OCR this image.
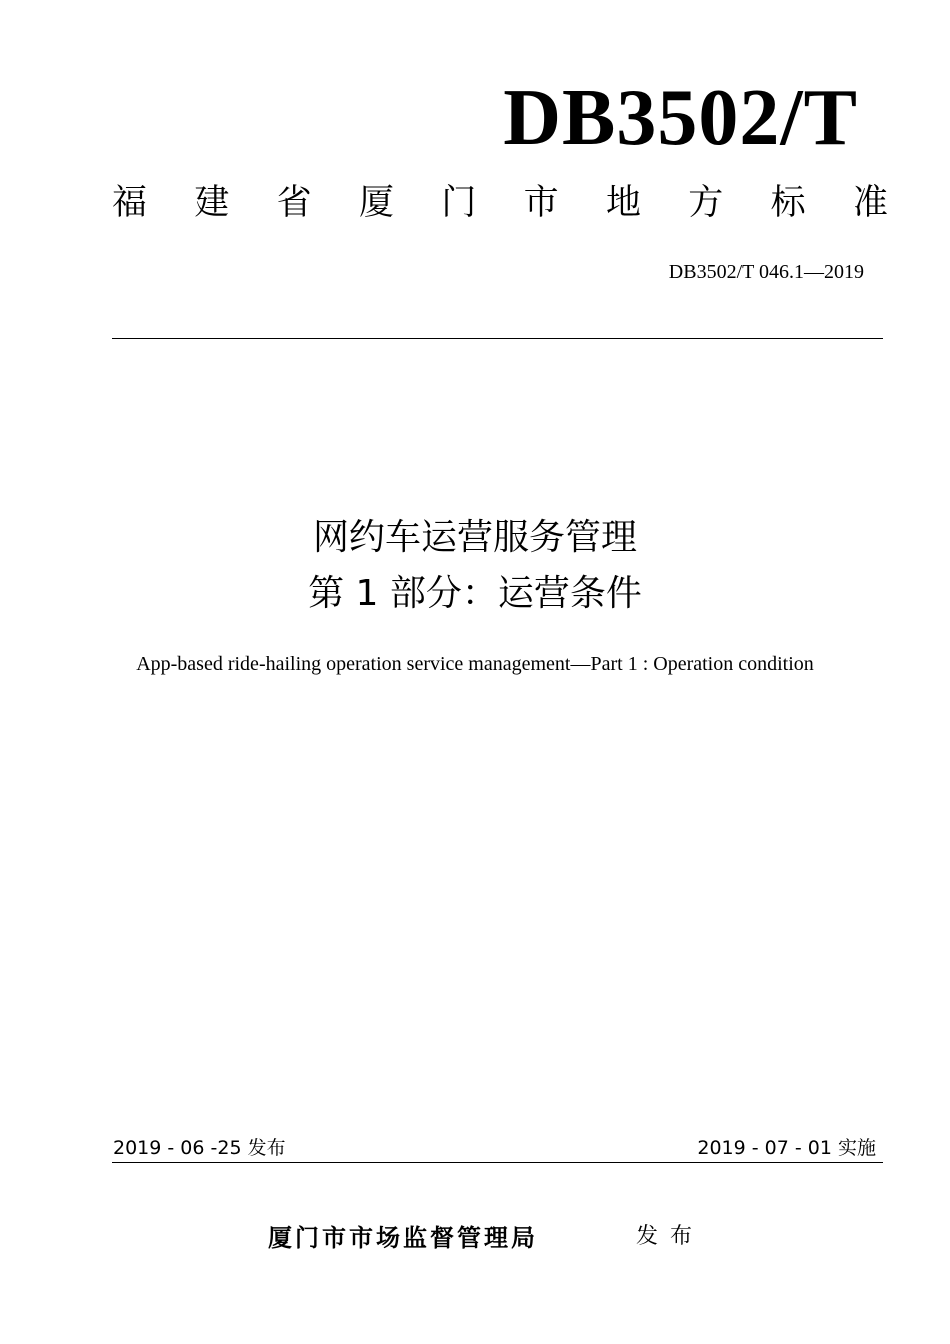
DB3502/T
福 建 省 厦 门 市 地 方 标 准
DB3502/T 046.1—2019
网约车运营服务管理
第 1 部分：运营条件
App-based ride-hailing operation service management—Part 1 : Operation condition
2019 - 06 -25 发布	2019 - 07 - 01 实施
厦门市市场监督管理局	发布
